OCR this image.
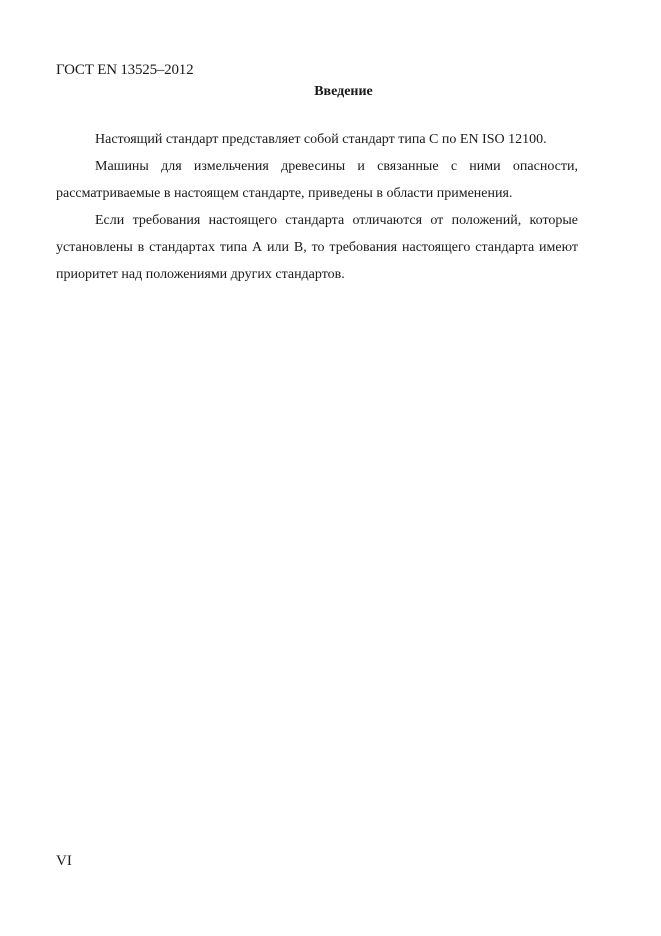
ГОСТ EN 13525–2012
Введение

Настоящий стандарт представляет собой стандарт типа С по EN ISO 12100.

Машины для измельчения древесины и связанные с ними опасности, рассматриваемые в настоящем стандарте, приведены в области применения.

Если требования настоящего стандарта отличаются от положений, которые установлены в стандартах типа А или В, то требования настоящего стандарта имеют приоритет над положениями других стандартов.

VI
